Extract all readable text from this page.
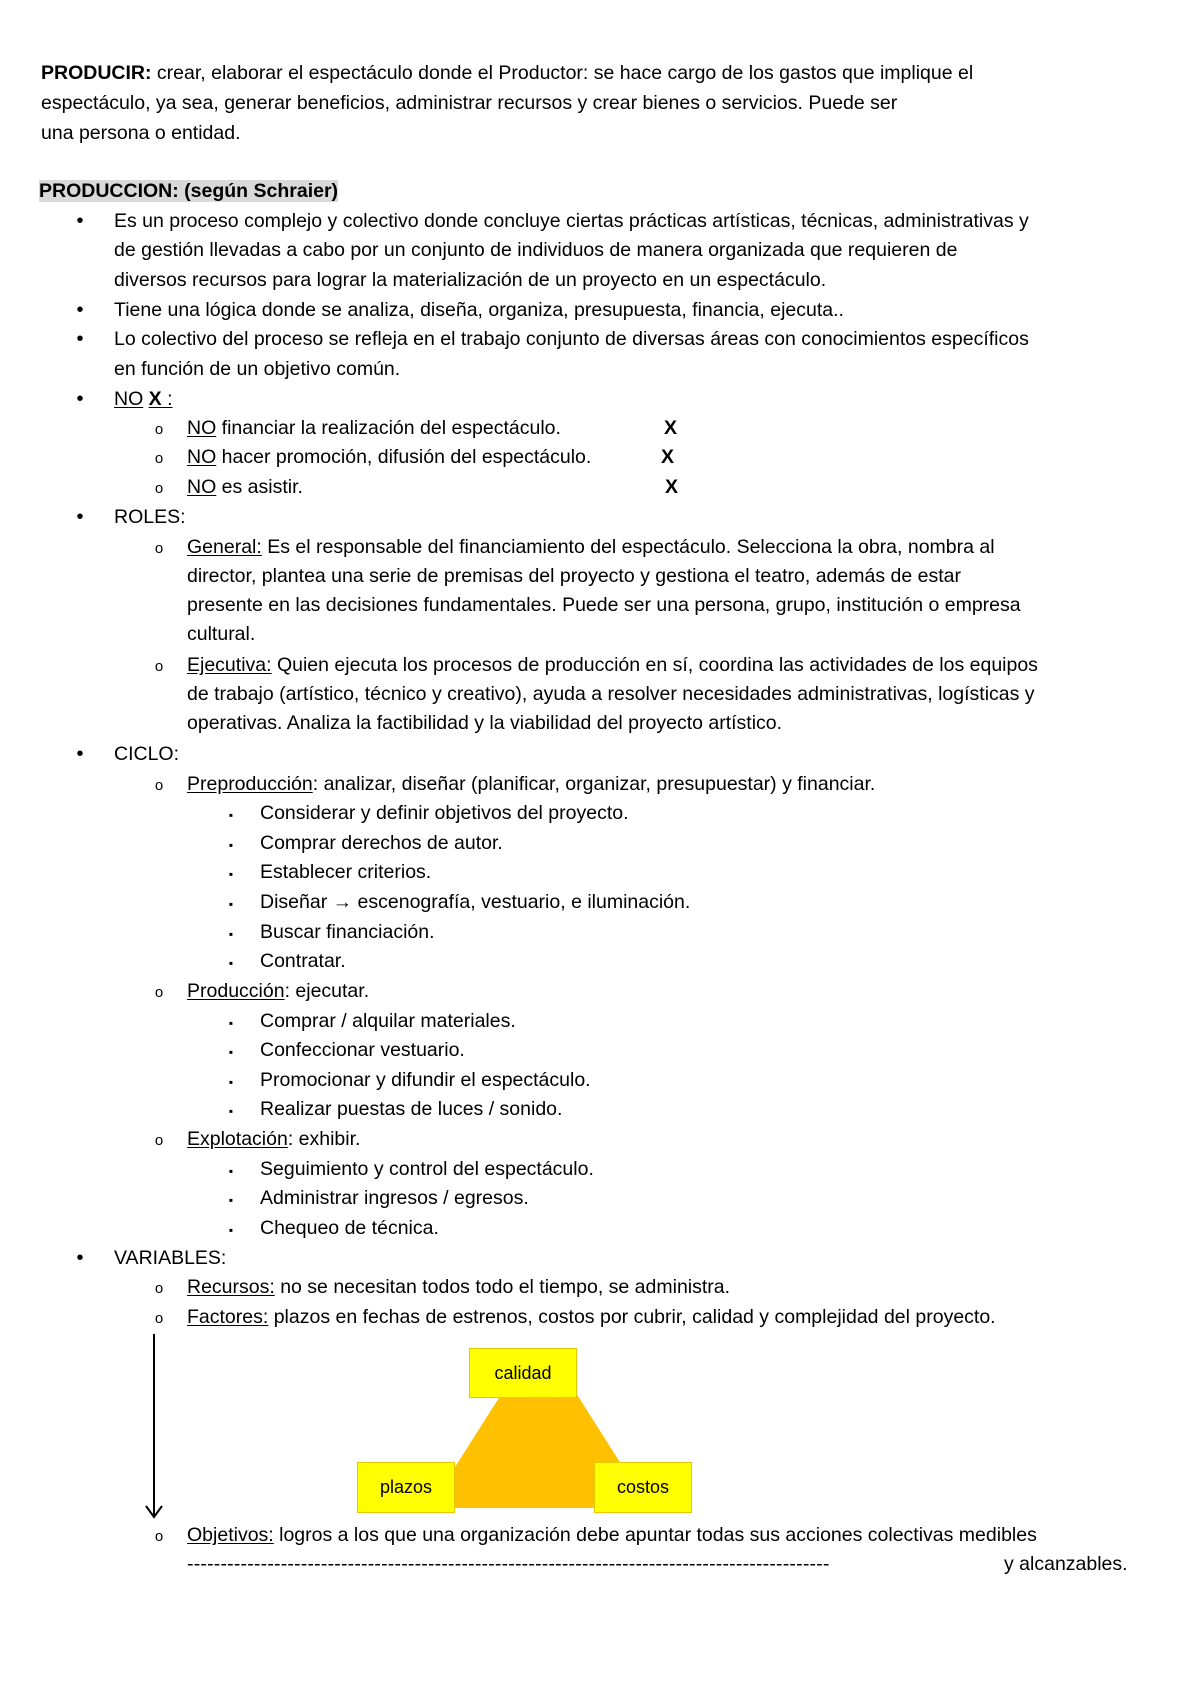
PRODUCIR: crear, elaborar el espectáculo donde el Productor: se hace cargo de los gastos que implique el
espectáculo, ya sea, generar beneficios, administrar recursos y crear bienes o servicios. Puede ser
una persona o entidad.
PRODUCCION: (según Schraier)
•
Es un proceso complejo y colectivo donde concluye ciertas prácticas artísticas, técnicas, administrativas y
de gestión llevadas a cabo por un conjunto de individuos de manera organizada que requieren de
diversos recursos para lograr la materialización de un proyecto en un espectáculo.
•
Tiene una lógica donde se analiza, diseña, organiza, presupuesta, financia, ejecuta..
•
Lo colectivo del proceso se refleja en el trabajo conjunto de diversas áreas con conocimientos específicos
en función de un objetivo común.
•
NO X :
o
NO financiar la realización del espectáculo.	X
o
NO hacer promoción, difusión del espectáculo.	X
o
NO es asistir.	X
•
ROLES:
o
General: Es el responsable del financiamiento del espectáculo. Selecciona la obra, nombra al
director, plantea una serie de premisas del proyecto y gestiona el teatro, además de estar
presente en las decisiones fundamentales. Puede ser una persona, grupo, institución o empresa
cultural.
o
Ejecutiva: Quien ejecuta los procesos de producción en sí, coordina las actividades de los equipos
de trabajo (artístico, técnico y creativo), ayuda a resolver necesidades administrativas, logísticas y
operativas. Analiza la factibilidad y la viabilidad del proyecto artístico.
•
CICLO:
o
Preproducción: analizar, diseñar (planificar, organizar, presupuestar) y financiar.
▪
Considerar y definir objetivos del proyecto.
▪
Comprar derechos de autor.
▪
Establecer criterios.
▪
Diseñar → escenografía, vestuario, e iluminación.
▪
Buscar financiación.
▪
Contratar.
o
Producción: ejecutar.
▪
Comprar / alquilar materiales.
▪
Confeccionar vestuario.
▪
Promocionar y difundir el espectáculo.
▪
Realizar puestas de luces / sonido.
o
Explotación: exhibir.
▪
Seguimiento y control del espectáculo.
▪
Administrar ingresos / egresos.
▪
Chequeo de técnica.
•
VARIABLES:
o
Recursos: no se necesitan todos todo el tiempo, se administra.
o
Factores: plazos en fechas de estrenos, costos por cubrir, calidad y complejidad del proyecto.
calidad
plazos	costos
o
Objetivos: logros a los que una organización debe apuntar todas sus acciones colectivas medibles
------------------------------------------------------------------------------------------------	y alcanzables.
